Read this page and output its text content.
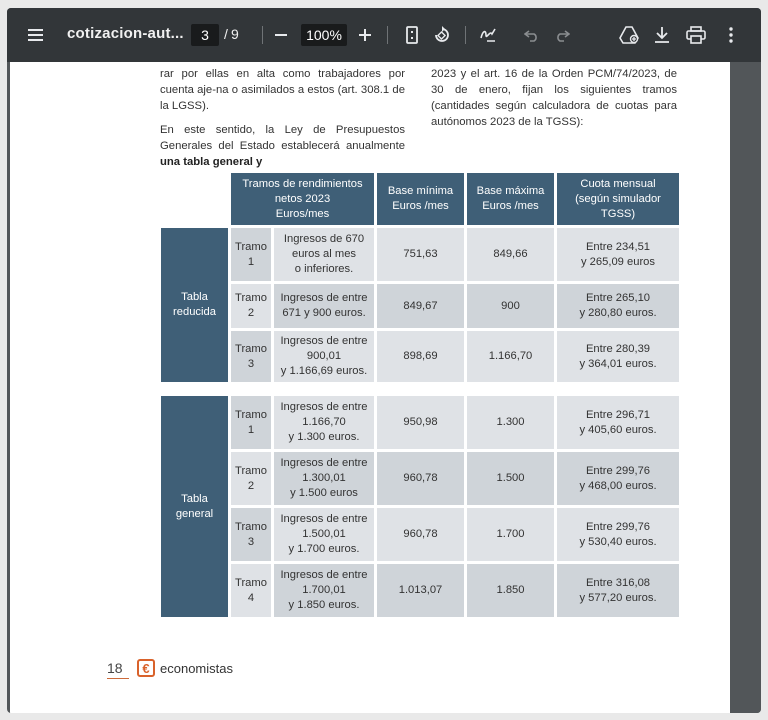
cotizacion-aut...	3	/ 9	100%

rar por ellas en alta como trabajadores por cuenta aje-na o asimilados a estos (art. 308.1 de la LGSS).

En este sentido, la Ley de Presupuestos Generales del Estado establecerá anualmente una tabla general y

2023 y el art. 16 de la Orden PCM/74/2023, de 30 de enero, fijan los siguientes tramos (cantidades según calculadora de cuotas para autónomos 2023 de la TGSS):

	Tramos de rendimientos
netos 2023
Euros/mes		Base mínima
Euros /mes	Base máxima
Euros /mes	Cuota mensual
(según simulador TGSS)
Tabla
reducida	Tramo
1	Ingresos de 670
euros al mes
o inferiores.	751,63	849,66	Entre 234,51
y 265,09 euros
	Tramo
2	Ingresos de entre
671 y 900 euros.	849,67	900	Entre 265,10
y 280,80 euros.
	Tramo
3	Ingresos de entre
900,01
y 1.166,69 euros.	898,69	1.166,70	Entre 280,39
y 364,01 euros.

Tabla
general	Tramo
1	Ingresos de entre
1.166,70
y 1.300 euros.	950,98	1.300	Entre 296,71
y 405,60 euros.
	Tramo
2	Ingresos de entre
1.300,01
y 1.500 euros	960,78	1.500	Entre 299,76
y 468,00 euros.
	Tramo
3	Ingresos de entre
1.500,01
y 1.700 euros.	960,78	1.700	Entre 299,76
y 530,40 euros.
	Tramo
4	Ingresos de entre
1.700,01
y 1.850 euros.	1.013,07	1.850	Entre 316,08
y 577,20 euros.
18	€ economistas
